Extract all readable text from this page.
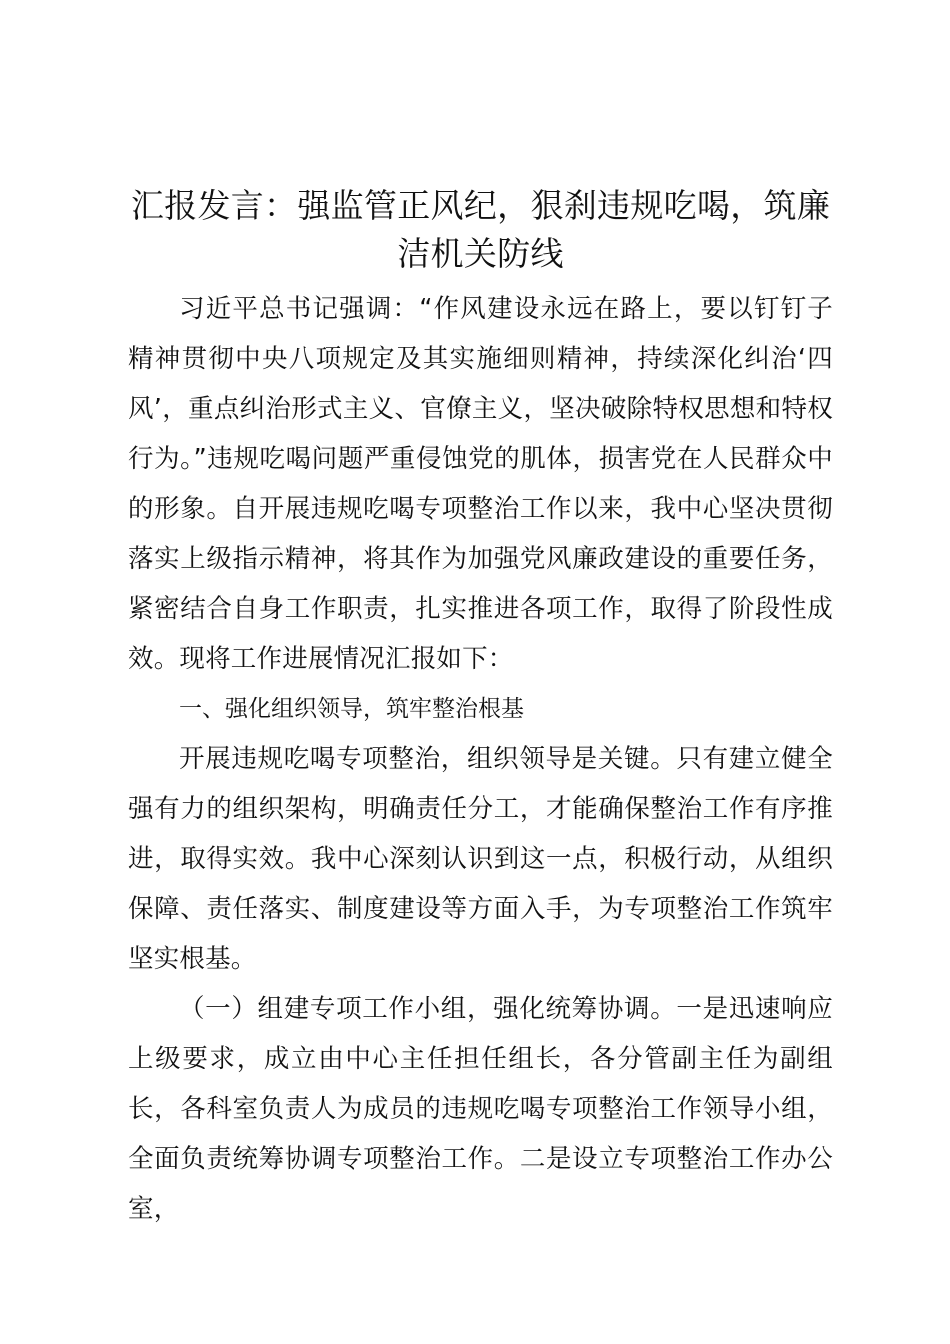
汇报发言：强监管正风纪，狠刹违规吃喝，筑廉洁机关防线

习近平总书记强调：“作风建设永远在路上，要以钉钉子精神贯彻中央八项规定及其实施细则精神，持续深化纠治‘四风’，重点纠治形式主义、官僚主义，坚决破除特权思想和特权行为。”违规吃喝问题严重侵蚀党的肌体，损害党在人民群众中的形象。自开展违规吃喝专项整治工作以来，我中心坚决贯彻落实上级指示精神，将其作为加强党风廉政建设的重要任务，紧密结合自身工作职责，扎实推进各项工作，取得了阶段性成效。现将工作进展情况汇报如下：

一、强化组织领导，筑牢整治根基

开展违规吃喝专项整治，组织领导是关键。只有建立健全强有力的组织架构，明确责任分工，才能确保整治工作有序推进，取得实效。我中心深刻认识到这一点，积极行动，从组织保障、责任落实、制度建设等方面入手，为专项整治工作筑牢坚实根基。

（一）组建专项工作小组，强化统筹协调。一是迅速响应上级要求，成立由中心主任担任组长，各分管副主任为副组长，各科室负责人为成员的违规吃喝专项整治工作领导小组，全面负责统筹协调专项整治工作。二是设立专项整治工作办公室，
